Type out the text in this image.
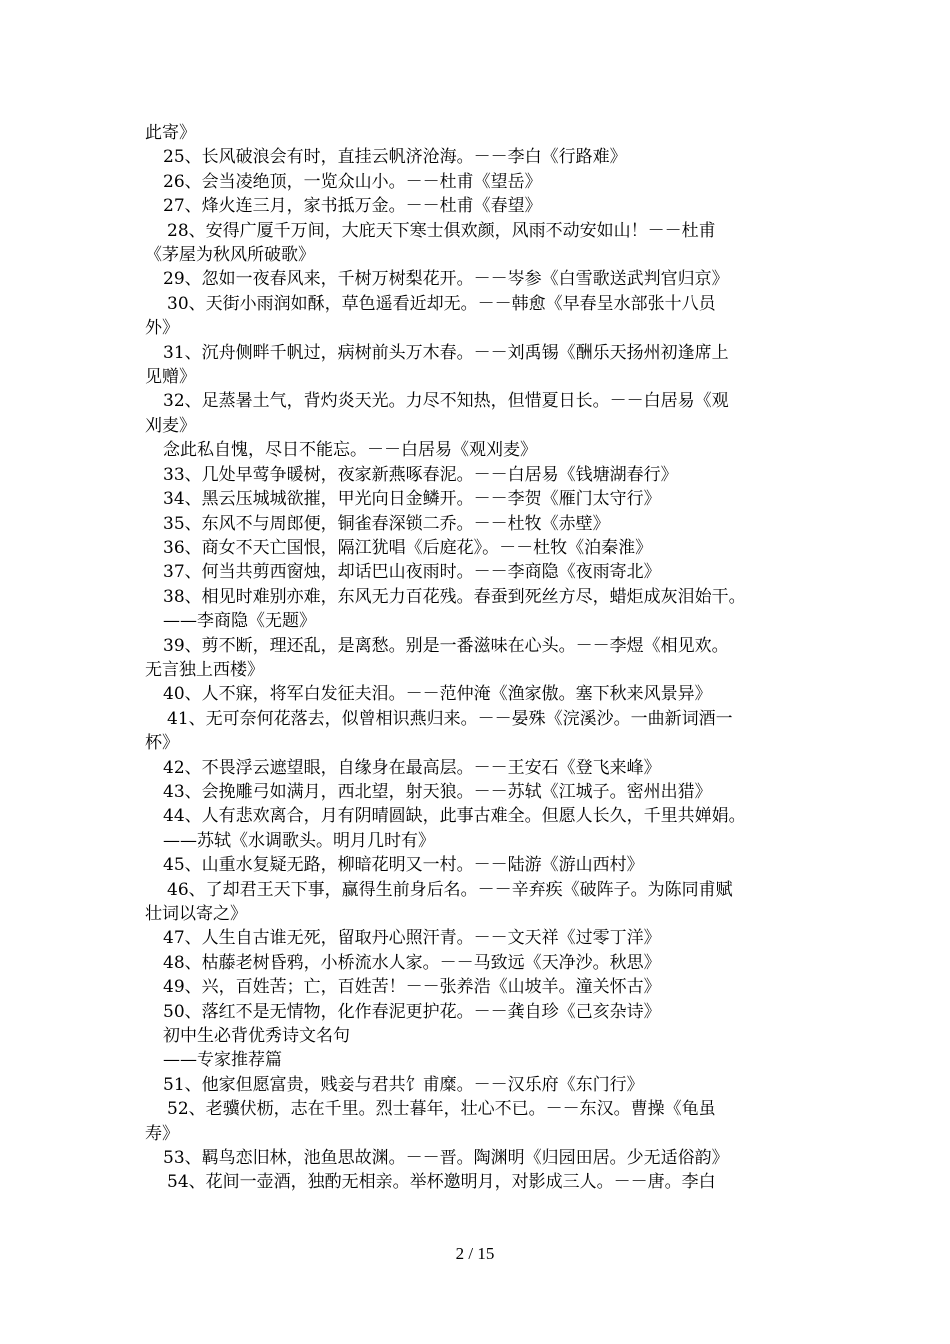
此寄》
25、长风破浪会有时，直挂云帆济沧海。－－李白《行路难》
26、会当凌绝顶，一览众山小。－－杜甫《望岳》
27、烽火连三月，家书抵万金。－－杜甫《春望》
28、安得广厦千万间，大庇天下寒士俱欢颜，风雨不动安如山！－－杜甫
《茅屋为秋风所破歌》
29、忽如一夜春风来，千树万树梨花开。－－岑参《白雪歌送武判官归京》
30、天街小雨润如酥，草色遥看近却无。－－韩愈《早春呈水部张十八员
外》
31、沉舟侧畔千帆过，病树前头万木春。－－刘禹锡《酬乐天扬州初逢席上
见赠》
32、足蒸暑土气，背灼炎天光。力尽不知热，但惜夏日长。－－白居易《观
刈麦》
念此私自愧，尽日不能忘。－－白居易《观刈麦》
33、几处早莺争暖树，夜家新燕啄春泥。－－白居易《钱塘湖春行》
34、黑云压城城欲摧，甲光向日金鳞开。－－李贺《雁门太守行》
35、东风不与周郎便，铜雀春深锁二乔。－－杜牧《赤壁》
36、商女不天亡国恨，隔江犹唱《后庭花》。－－杜牧《泊秦淮》
37、何当共剪西窗烛，却话巴山夜雨时。－－李商隐《夜雨寄北》
38、相见时难别亦难，东风无力百花残。春蚕到死丝方尽，蜡炬成灰泪始干。
——李商隐《无题》
39、剪不断，理还乱，是离愁。别是一番滋味在心头。－－李煜《相见欢。
无言独上西楼》
40、人不寐，将军白发征夫泪。－－范仲淹《渔家傲。塞下秋来风景异》
41、无可奈何花落去，似曾相识燕归来。－－晏殊《浣溪沙。一曲新词酒一
杯》
42、不畏浮云遮望眼，自缘身在最高层。－－王安石《登飞来峰》
43、会挽雕弓如满月，西北望，射天狼。－－苏轼《江城子。密州出猎》
44、人有悲欢离合，月有阴晴圆缺，此事古难全。但愿人长久，千里共婵娟。
——苏轼《水调歌头。明月几时有》
45、山重水复疑无路，柳暗花明又一村。－－陆游《游山西村》
46、了却君王天下事，赢得生前身后名。－－辛弃疾《破阵子。为陈同甫赋
壮词以寄之》
47、人生自古谁无死，留取丹心照汗青。－－文天祥《过零丁洋》
48、枯藤老树昏鸦，小桥流水人家。－－马致远《天净沙。秋思》
49、兴，百姓苦；亡，百姓苦！－－张养浩《山坡羊。潼关怀古》
50、落红不是无情物，化作春泥更护花。－－龚自珍《己亥杂诗》
初中生必背优秀诗文名句
——专家推荐篇
51、他家但愿富贵，贱妾与君共饣甫糜。－－汉乐府《东门行》
52、老骥伏枥，志在千里。烈士暮年，壮心不已。－－东汉。曹操《龟虽
寿》
53、羁鸟恋旧林，池鱼思故渊。－－晋。陶渊明《归园田居。少无适俗韵》
54、花间一壶酒，独酌无相亲。举杯邀明月，对影成三人。－－唐。李白
2 / 15
